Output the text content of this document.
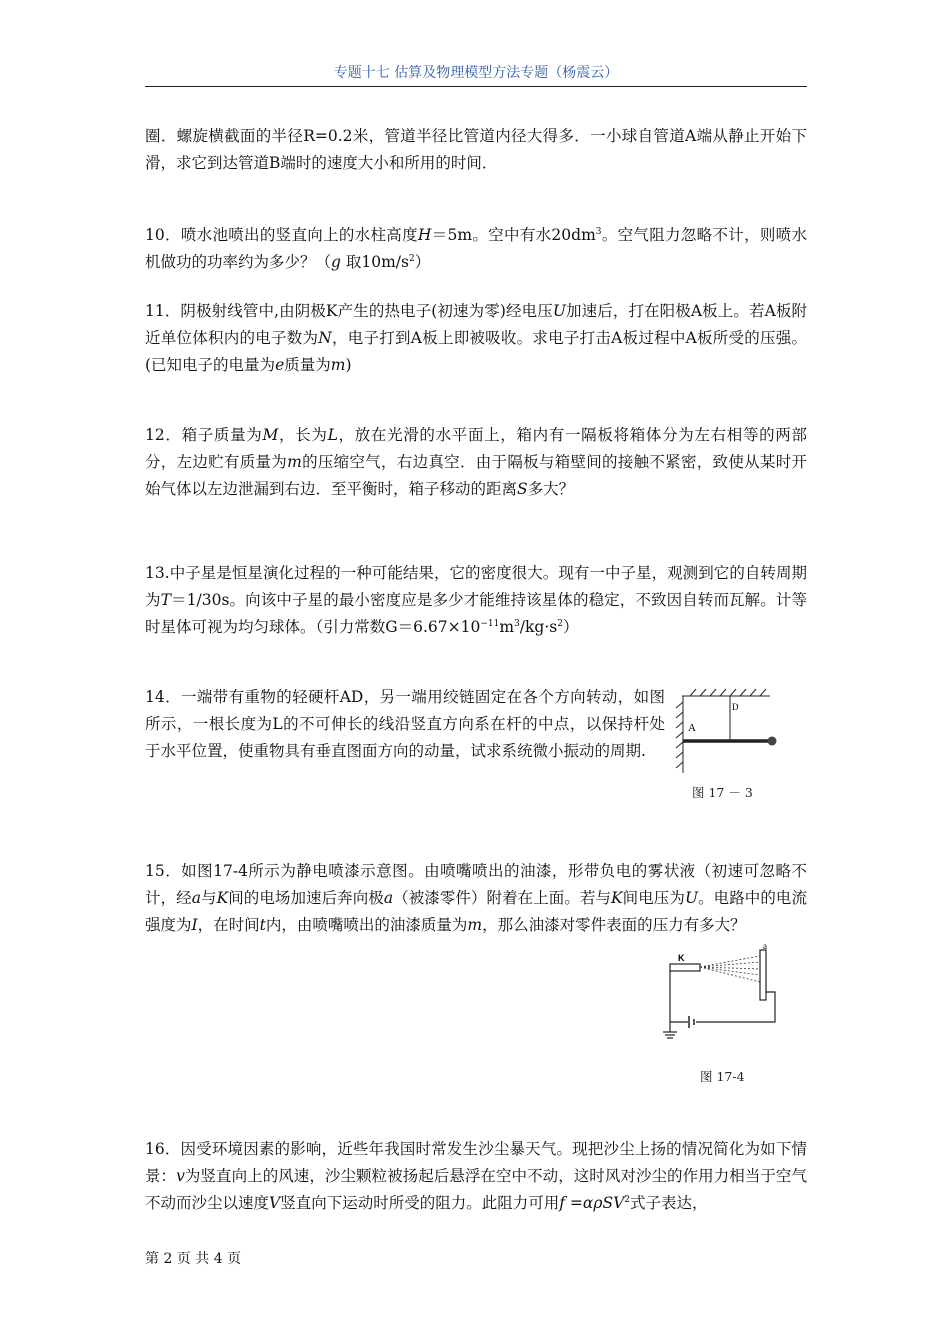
专题十七 估算及物理模型方法专题（杨震云）
圈．螺旋横截面的半径R=0.2米，管道半径比管道内径大得多．一小球自管道A端从静止开始下滑，求它到达管道B端时的速度大小和所用的时间．
10．喷水池喷出的竖直向上的水柱高度H＝5m。空中有水$20dm^3$。空气阻力忽略不计，则喷水机做功的功率约为多少？（g 取$10m/s^2$）
11．阴极射线管中,由阴极K产生的热电子(初速为零)经电压U加速后，打在阳极A板上。若A板附近单位体积内的电子数为N，电子打到A板上即被吸收。求电子打击A板过程中A板所受的压强。(已知电子的电量为e质量为m)
12．箱子质量为M，长为L，放在光滑的水平面上，箱内有一隔板将箱体分为左右相等的两部分，左边贮有质量为m的压缩空气，右边真空．由于隔板与箱壁间的接触不紧密，致使从某时开始气体以左边泄漏到右边．至平衡时，箱子移动的距离S多大？
13.中子星是恒星演化过程的一种可能结果，它的密度很大。现有一中子星，观测到它的自转周期为T＝1/30s。向该中子星的最小密度应是多少才能维持该星体的稳定，不致因自转而瓦解。计等时星体可视为均匀球体。（引力常数$G=6.67\times 10^{-11}m^3/kg\cdot s^2$）
14．一端带有重物的轻硬杆AD，另一端用绞链固定在各个方向转动，如图所示，一根长度为L的不可伸长的线沿竖直方向系在杆的中点，以保持杆处于水平位置，使重物具有垂直图面方向的动量，试求系统微小振动的周期.
A
D
图 17 － 3
15．如图17-4所示为静电喷漆示意图。由喷嘴喷出的油漆，形带负电的雾状液（初速可忽略不计，经a与K间的电场加速后奔向极a（被漆零件）附着在上面。若与K间电压为U。电路中的电流强度为I，在时间t内，由喷嘴喷出的油漆质量为m，那么油漆对零件表面的压力有多大？
K
a
图 17-4
16．因受环境因素的影响，近些年我国时常发生沙尘暴天气。现把沙尘上扬的情况简化为如下情景：v为竖直向上的风速，沙尘颗粒被扬起后悬浮在空中不动，这时风对沙尘的作用力相当于空气不动而沙尘以速度V竖直向下运动时所受的阻力。此阻力可用f =αρSV$^2$式子表达，
第 2 页 共 4 页
